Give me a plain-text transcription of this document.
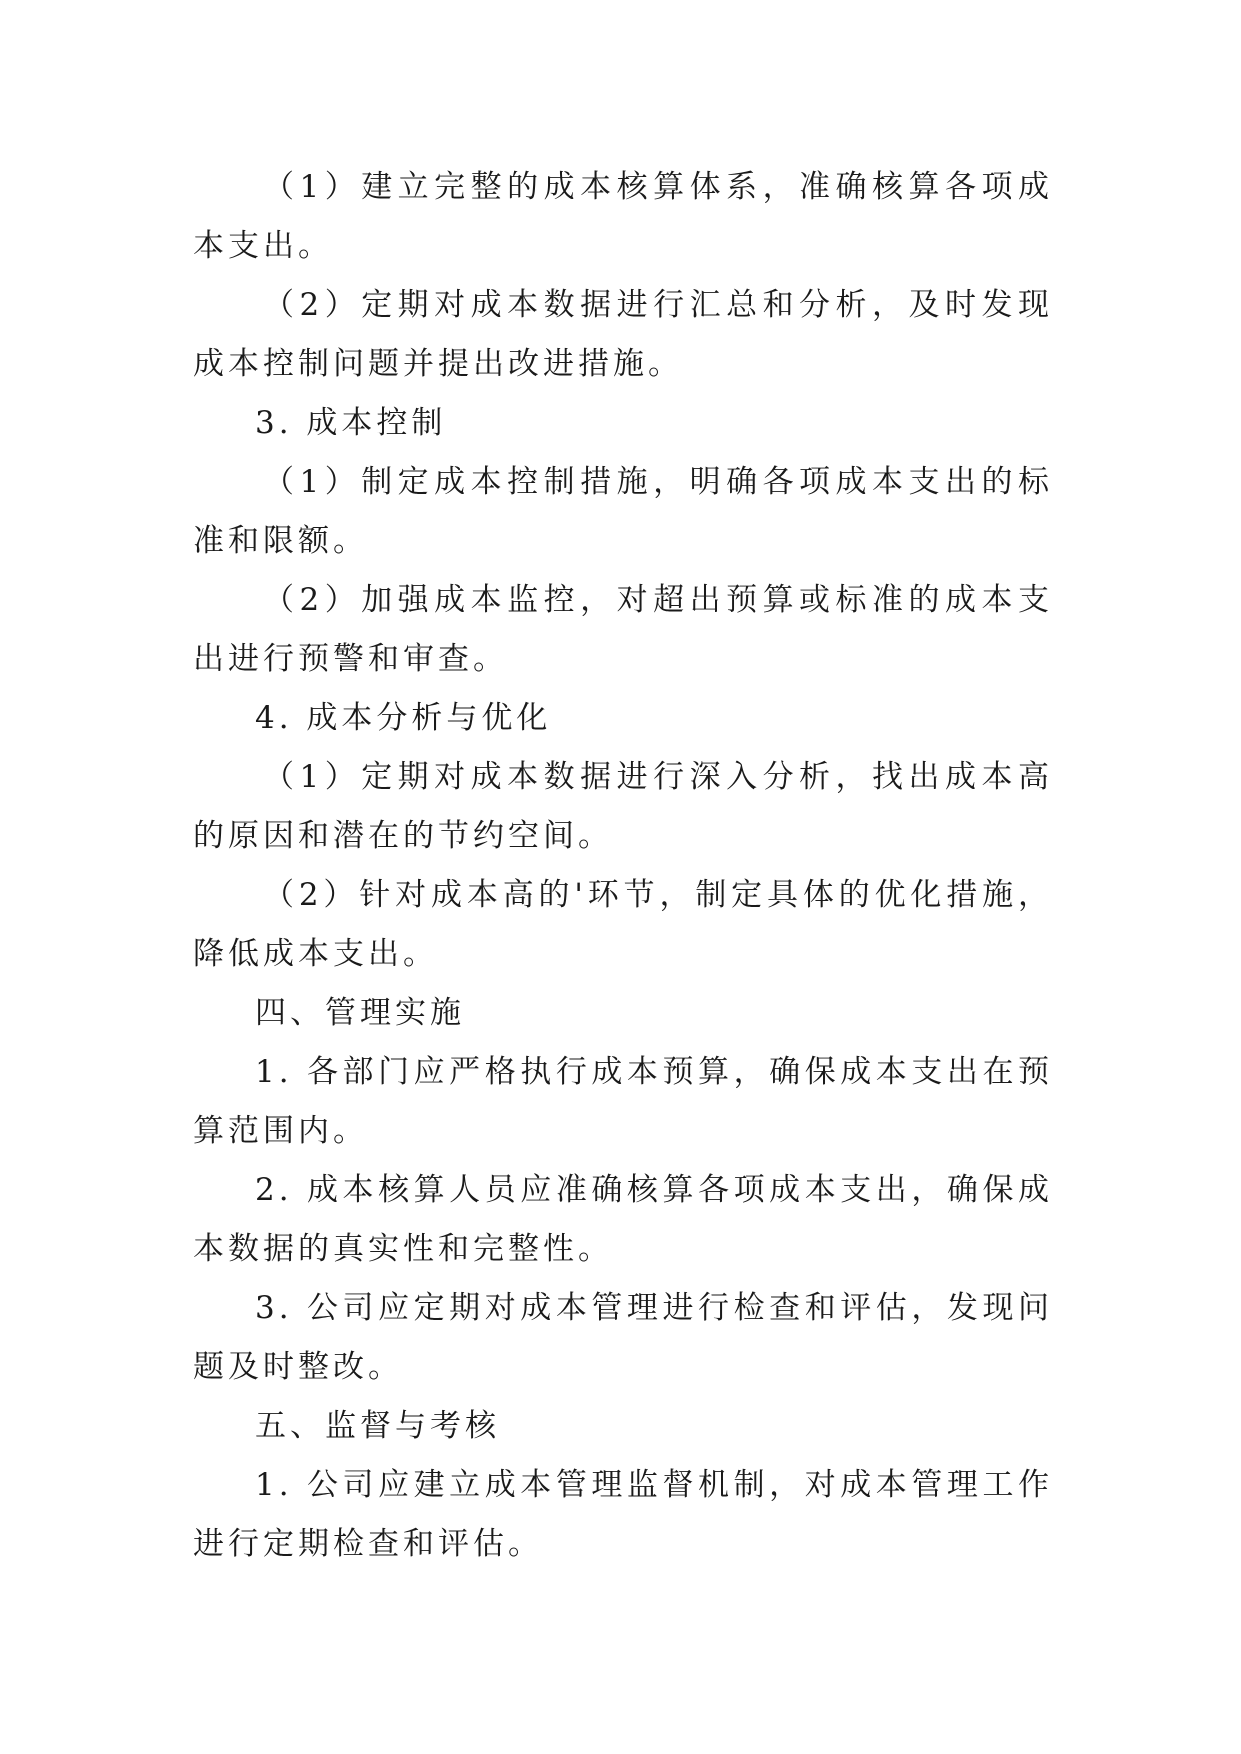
（1）建立完整的成本核算体系，准确核算各项成本支出。

（2）定期对成本数据进行汇总和分析，及时发现成本控制问题并提出改进措施。

3. 成本控制

（1）制定成本控制措施，明确各项成本支出的标准和限额。

（2）加强成本监控，对超出预算或标准的成本支出进行预警和审查。

4. 成本分析与优化

（1）定期对成本数据进行深入分析，找出成本高的原因和潜在的节约空间。

（2）针对成本高的'环节，制定具体的优化措施，降低成本支出。

四、管理实施

1. 各部门应严格执行成本预算，确保成本支出在预算范围内。

2. 成本核算人员应准确核算各项成本支出，确保成本数据的真实性和完整性。

3. 公司应定期对成本管理进行检查和评估，发现问题及时整改。

五、监督与考核

1. 公司应建立成本管理监督机制，对成本管理工作进行定期检查和评估。
